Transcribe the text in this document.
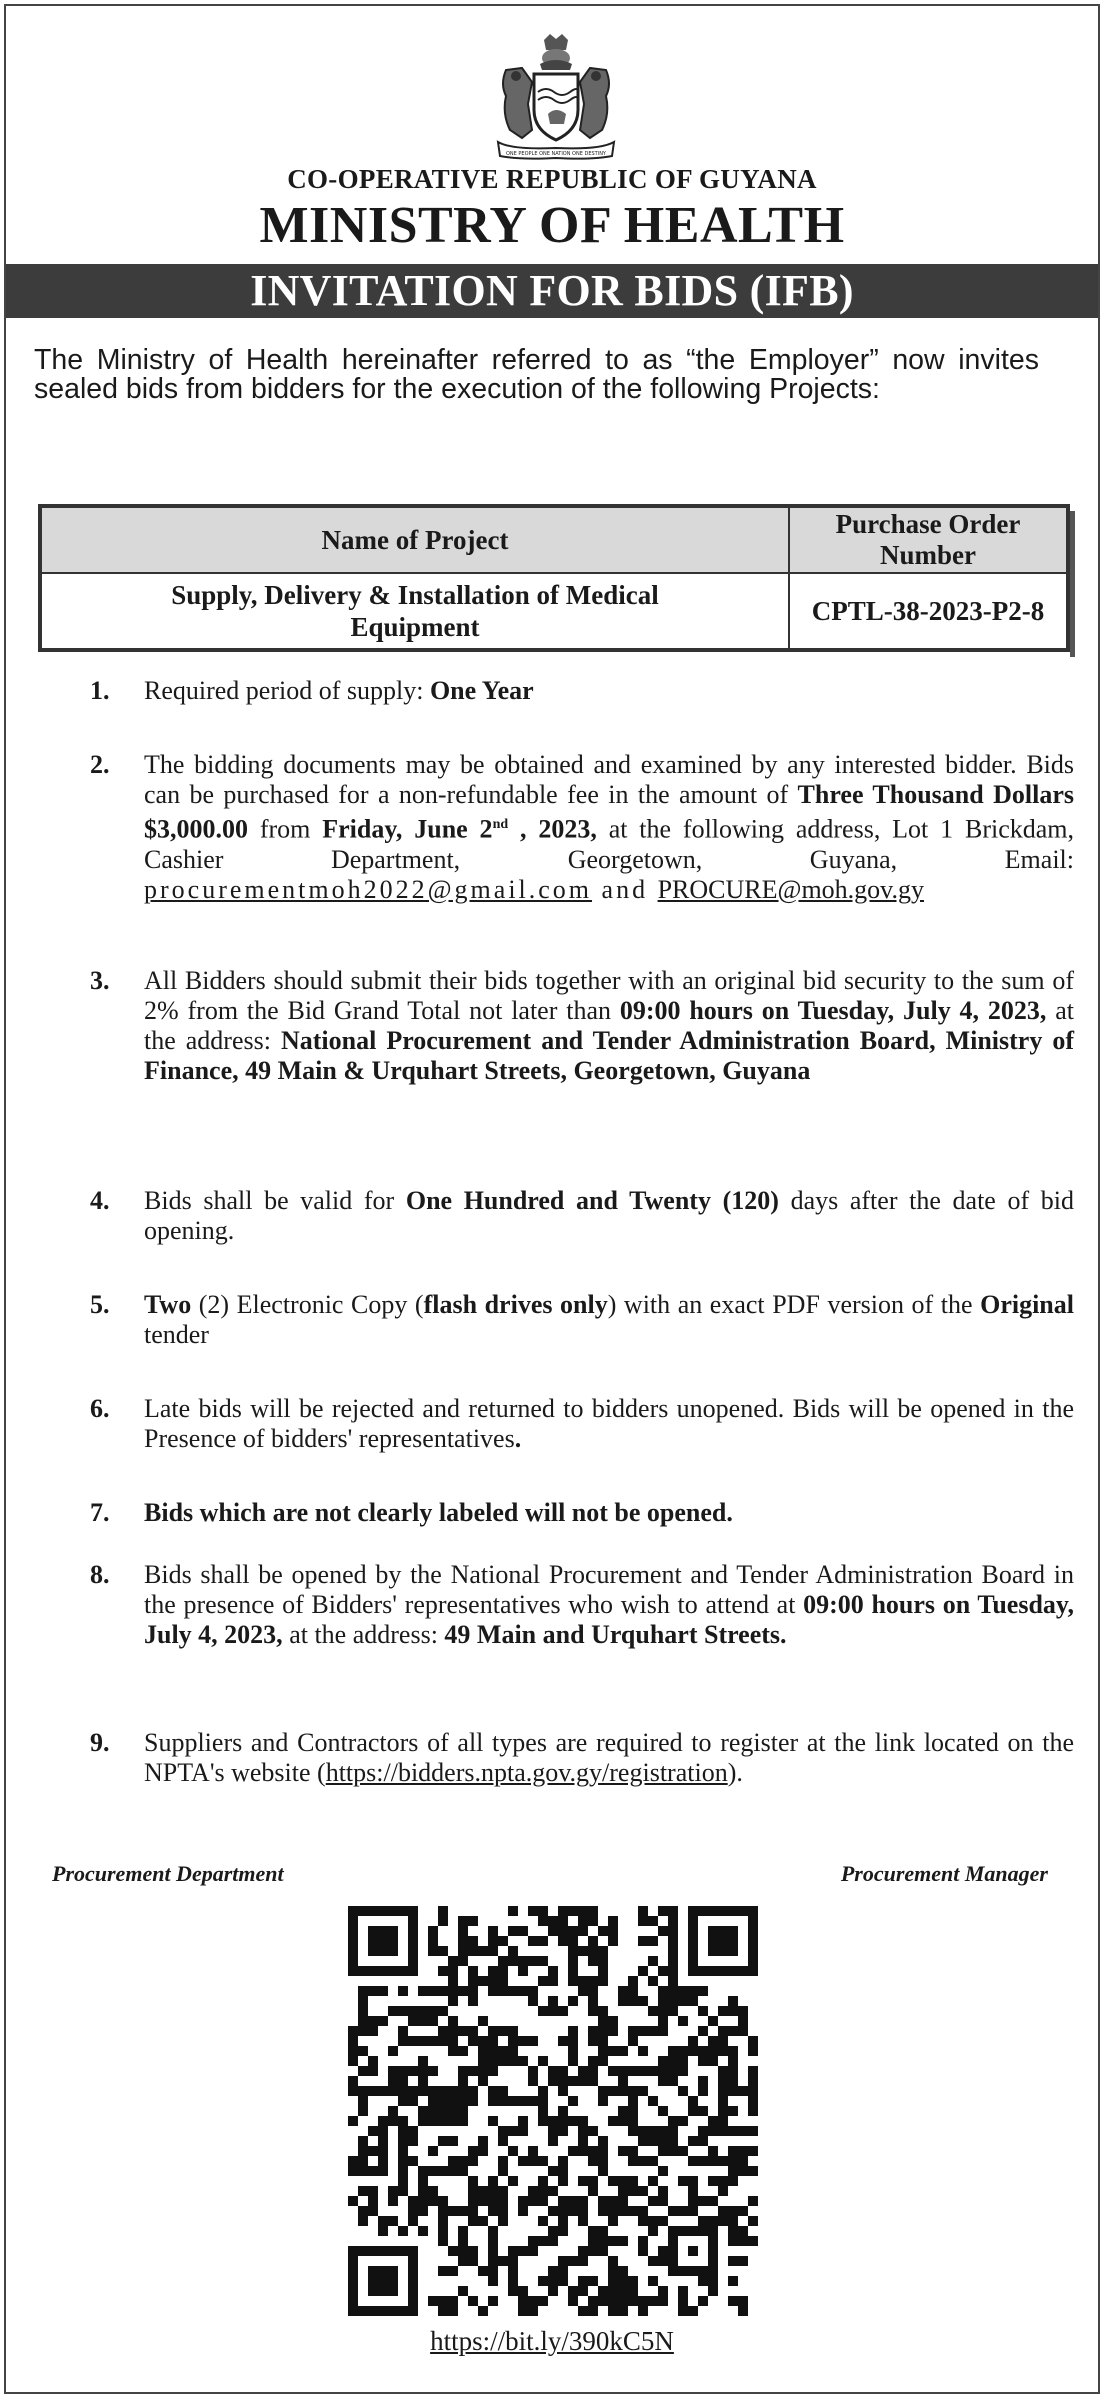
ONE PEOPLE ONE NATION ONE DESTINY
CO-OPERATIVE REPUBLIC OF GUYANA
MINISTRY OF HEALTH
INVITATION FOR BIDS (IFB)
The Ministry of Health hereinafter referred to as “the Employer” now invites sealed bids from bidders for the execution of the following Projects:
Name of Project	Purchase Order Number
Supply, Delivery & Installation of Medical Equipment	CPTL-38-2023-P2-8
1. Required period of supply: One Year
2. The bidding documents may be obtained and examined by any interested bidder. Bids can be purchased for a non-refundable fee in the amount of Three Thousand Dollars $3,000.00 from Friday, June 2nd , 2023, at the following address, Lot 1 Brickdam, Cashier Department, Georgetown, Guyana, Email: procurementmoh2022@gmail.com and PROCURE@moh.gov.gy
3. All Bidders should submit their bids together with an original bid security to the sum of 2% from the Bid Grand Total not later than 09:00 hours on Tuesday, July 4, 2023, at the address: National Procurement and Tender Administration Board, Ministry of Finance, 49 Main & Urquhart Streets, Georgetown, Guyana
4. Bids shall be valid for One Hundred and Twenty (120) days after the date of bid opening.
5. Two (2) Electronic Copy (flash drives only) with an exact PDF version of the Original tender
6. Late bids will be rejected and returned to bidders unopened. Bids will be opened in the Presence of bidders' representatives.
7. Bids which are not clearly labeled will not be opened.
8. Bids shall be opened by the National Procurement and Tender Administration Board in the presence of Bidders' representatives who wish to attend at 09:00 hours on Tuesday, July 4, 2023, at the address: 49 Main and Urquhart Streets.
9. Suppliers and Contractors of all types are required to register at the link located on the NPTA's website (https://bidders.npta.gov.gy/registration).
Procurement Department	Procurement Manager
https://bit.ly/390kC5N
